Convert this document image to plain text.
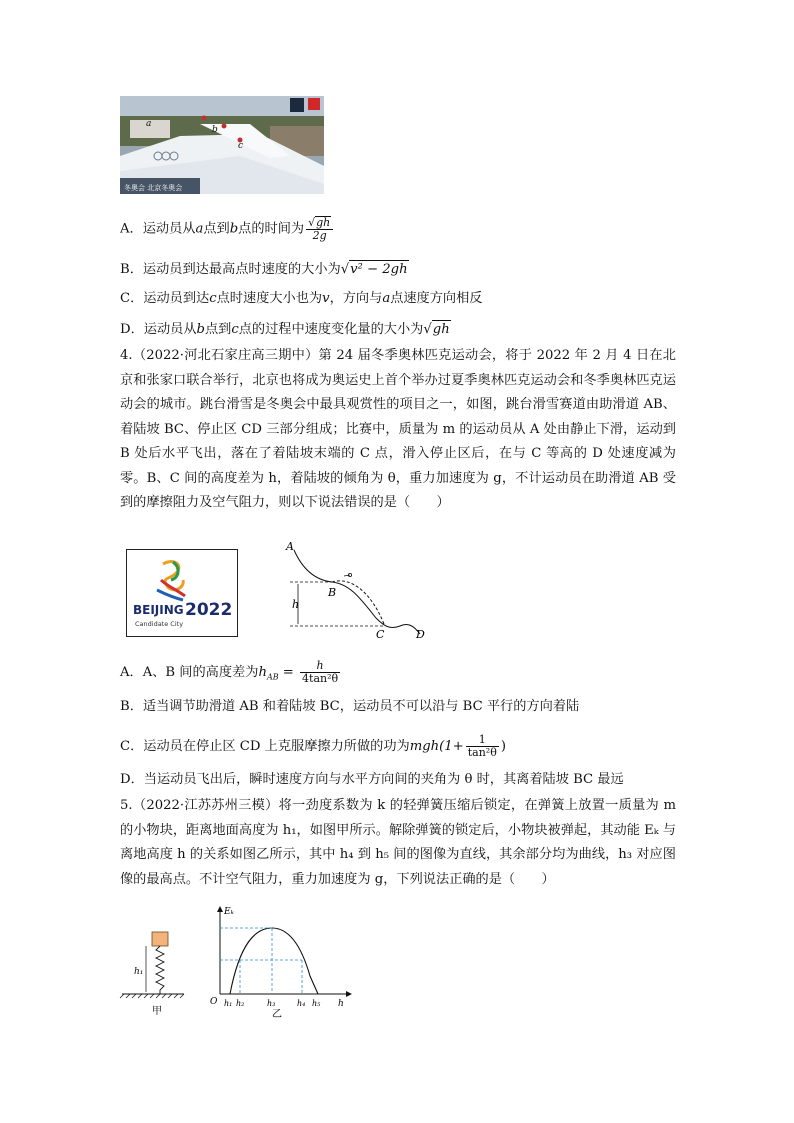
冬奥会 北京冬奥会
a
b
c
A．运动员从a点到b点的时间为 $\frac{√gh}{2g}$
B．运动员到达最高点时速度的大小为√v² − 2gh
C．运动员到达c点时速度大小也为v，方向与a点速度方向相反
D．运动员从b点到c点的过程中速度变化量的大小为√gh
4.（2022·河北石家庄高三期中）第 24 届冬季奥林匹克运动会，将于 2022 年 2 月 4 日在北京和张家口联合举行，北京也将成为奥运史上首个举办过夏季奥林匹克运动会和冬季奥林匹克运动会的城市。跳台滑雪是冬奥会中最具观赏性的项目之一，如图，跳台滑雪赛道由助滑道 AB、着陆坡 BC、停止区 CD 三部分组成；比赛中，质量为 m 的运动员从 A 处由静止下滑，运动到 B 处后水平飞出，落在了着陆坡末端的 C 点，滑入停止区后，在与 C 等高的 D 处速度减为零。B、C 间的高度差为 h，着陆坡的倾角为 θ，重力加速度为 g，不计运动员在助滑道 AB 受到的摩擦阻力及空气阻力，则以下说法错误的是（　　）
BEIJING 2022
Candidate City
A
B
h
C	D
A．A、B 间的高度差为$h_{AB} = \frac{h}{\text{4tan²θ}}$
B．适当调节助滑道 AB 和着陆坡 BC，运动员不可以沿与 BC 平行的方向着陆
C．运动员在停止区 CD 上克服摩擦力所做的功为$mgh(1+ \frac{1}{\text{tan²θ}}$ )
D．当运动员飞出后，瞬时速度方向与水平方向间的夹角为 θ 时，其离着陆坡 BC 最远
5.（2022·江苏苏州三模）将一劲度系数为 k 的轻弹簧压缩后锁定，在弹簧上放置一质量为 m 的小物块，距离地面高度为 h₁，如图甲所示。解除弹簧的锁定后，小物块被弹起，其动能 Eₖ 与离地高度 h 的关系如图乙所示，其中 h₄ 到 h₅ 间的图像为直线，其余部分均为曲线，h₃ 对应图像的最高点。不计空气阻力，重力加速度为 g，下列说法正确的是（　　）
h₁
甲
Eₖ
h
O h₁ h₂	h₃	h₄ h₅
乙
